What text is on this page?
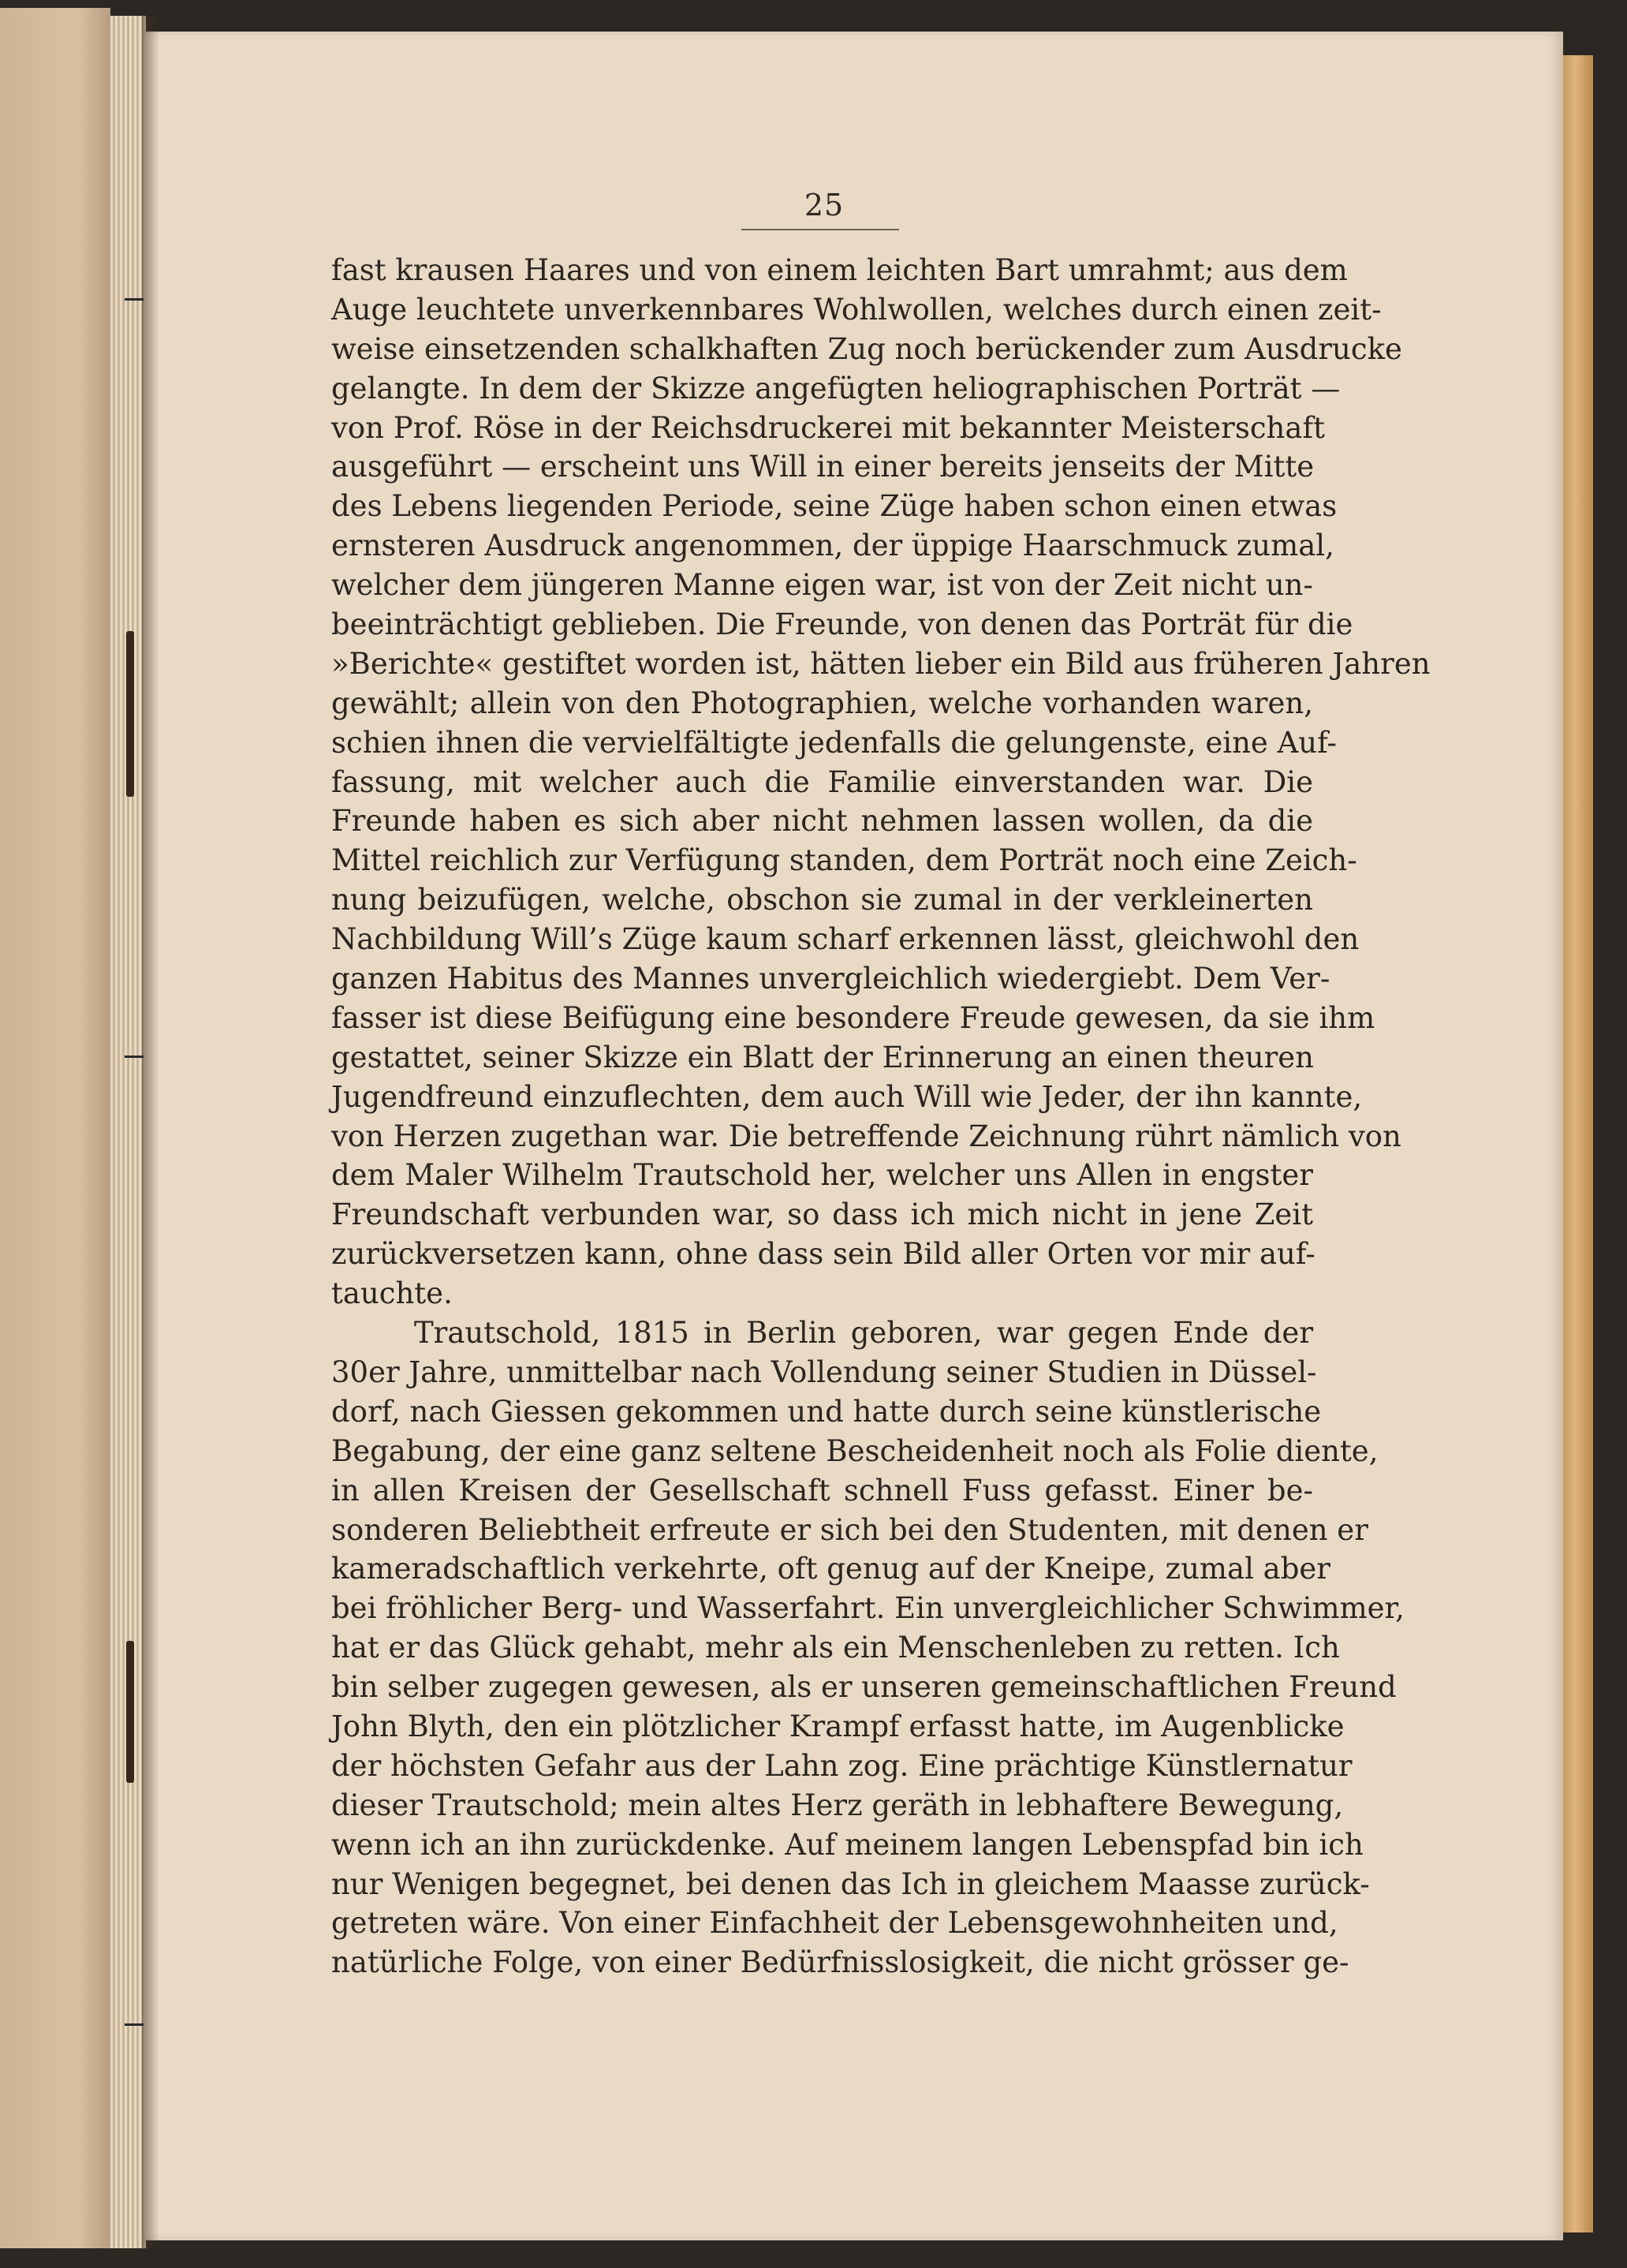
25

fast krausen Haares und von einem leichten Bart umrahmt; aus dem

Auge leuchtete unverkennbares Wohlwollen, welches durch einen zeit-

weise einsetzenden schalkhaften Zug noch berückender zum Ausdrucke

gelangte. In dem der Skizze angefügten heliographischen Porträt —

von Prof. Röse in der Reichsdruckerei mit bekannter Meisterschaft

ausgeführt — erscheint uns Will in einer bereits jenseits der Mitte

des Lebens liegenden Periode, seine Züge haben schon einen etwas

ernsteren Ausdruck angenommen, der üppige Haarschmuck zumal,

welcher dem jüngeren Manne eigen war, ist von der Zeit nicht un-

beeinträchtigt geblieben. Die Freunde, von denen das Porträt für die

»Berichte« gestiftet worden ist, hätten lieber ein Bild aus früheren Jahren

gewählt; allein von den Photographien, welche vorhanden waren,

schien ihnen die vervielfältigte jedenfalls die gelungenste, eine Auf-

fassung, mit welcher auch die Familie einverstanden war. Die

Freunde haben es sich aber nicht nehmen lassen wollen, da die

Mittel reichlich zur Verfügung standen, dem Porträt noch eine Zeich-

nung beizufügen, welche, obschon sie zumal in der verkleinerten

Nachbildung Will’s Züge kaum scharf erkennen lässt, gleichwohl den

ganzen Habitus des Mannes unvergleichlich wiedergiebt. Dem Ver-

fasser ist diese Beifügung eine besondere Freude gewesen, da sie ihm

gestattet, seiner Skizze ein Blatt der Erinnerung an einen theuren

Jugendfreund einzuflechten, dem auch Will wie Jeder, der ihn kannte,

von Herzen zugethan war. Die betreffende Zeichnung rührt nämlich von

dem Maler Wilhelm Trautschold her, welcher uns Allen in engster

Freundschaft verbunden war, so dass ich mich nicht in jene Zeit

zurückversetzen kann, ohne dass sein Bild aller Orten vor mir auf-

tauchte.

Trautschold, 1815 in Berlin geboren, war gegen Ende der

30er Jahre, unmittelbar nach Vollendung seiner Studien in Düssel-

dorf, nach Giessen gekommen und hatte durch seine künstlerische

Begabung, der eine ganz seltene Bescheidenheit noch als Folie diente,

in allen Kreisen der Gesellschaft schnell Fuss gefasst. Einer be-

sonderen Beliebtheit erfreute er sich bei den Studenten, mit denen er

kameradschaftlich verkehrte, oft genug auf der Kneipe, zumal aber

bei fröhlicher Berg- und Wasserfahrt. Ein unvergleichlicher Schwimmer,

hat er das Glück gehabt, mehr als ein Menschenleben zu retten. Ich

bin selber zugegen gewesen, als er unseren gemeinschaftlichen Freund

John Blyth, den ein plötzlicher Krampf erfasst hatte, im Augenblicke

der höchsten Gefahr aus der Lahn zog. Eine prächtige Künstlernatur

dieser Trautschold; mein altes Herz geräth in lebhaftere Bewegung,

wenn ich an ihn zurückdenke. Auf meinem langen Lebenspfad bin ich

nur Wenigen begegnet, bei denen das Ich in gleichem Maasse zurück-

getreten wäre. Von einer Einfachheit der Lebensgewohnheiten und,

natürliche Folge, von einer Bedürfnisslosigkeit, die nicht grösser ge-
